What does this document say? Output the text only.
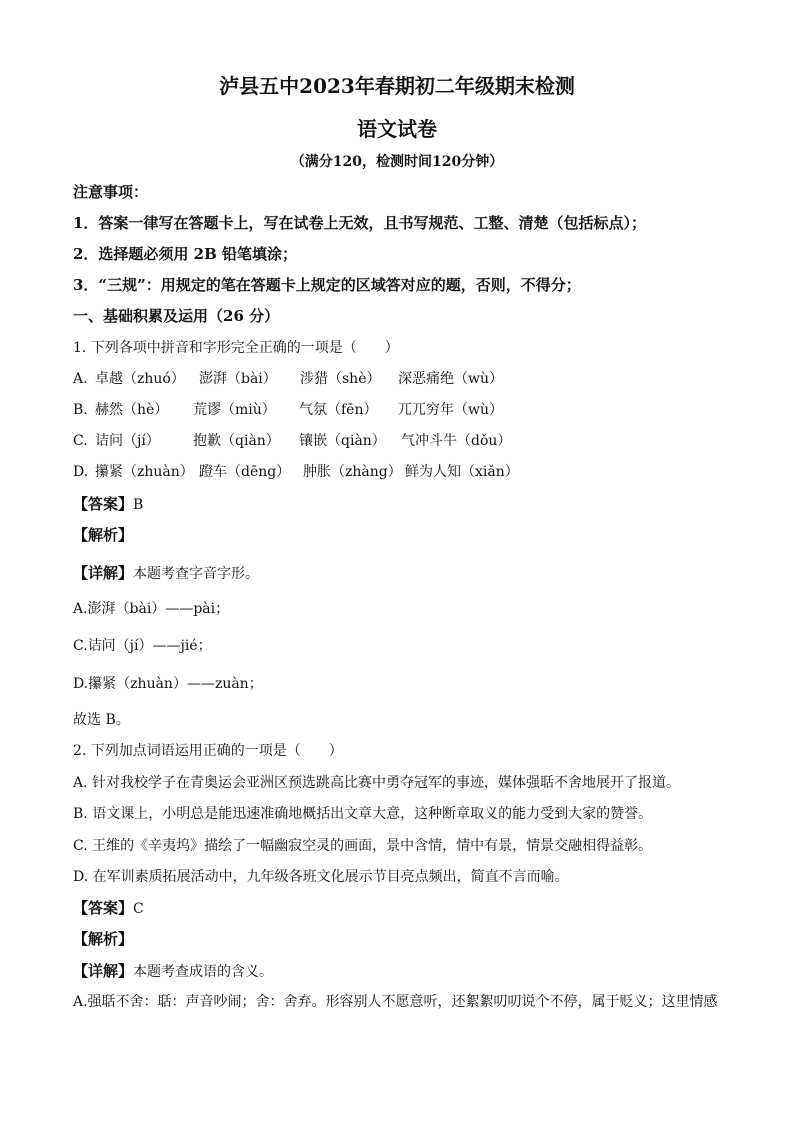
泸县五中2023年春期初二年级期末检测
语文试卷
（满分120，检测时间120分钟）
注意事项：
1．答案一律写在答题卡上，写在试卷上无效，且书写规范、工整、清楚（包括标点）；
2．选择题必须用 2B 铅笔填涂；
3．“三规”：用规定的笔在答题卡上规定的区域答对应的题，否则，不得分；
一、基础积累及运用（26 分）
1. 下列各项中拼音和字形完全正确的一项是（　　）
A. 卓越（zhuó） 澎湃（bài） 涉猎（shè） 深恶痛绝（wù）
B. 赫然（hè） 荒谬（miù） 气氛（fēn） 兀兀穷年（wù）
C. 诘问（jí） 抱歉（qiàn） 镶嵌（qiàn） 气冲斗牛（dǒu）
D. 攥紧（zhuàn） 蹬车（dēng） 肿胀（zhàng） 鲜为人知（xiǎn）
【答案】B
【解析】
【详解】本题考查字音字形。
A.澎湃（bài）——pài；
C.诘问（jí）——jié；
D.攥紧（zhuàn）——zuàn；
故选 B。
2. 下列加点词语运用正确的一项是（　　）
A. 针对我校学子在青奥运会亚洲区预选跳高比赛中勇夺冠军的事迹，媒体强聒不舍地展开了报道。
B. 语文课上，小明总是能迅速准确地概括出文章大意，这种断章取义的能力受到大家的赞誉。
C. 王维的《辛夷坞》描绘了一幅幽寂空灵的画面，景中含情，情中有景，情景交融相得益彰。
D. 在军训素质拓展活动中，九年级各班文化展示节目亮点频出，简直不言而喻。
【答案】C
【解析】
【详解】本题考查成语的含义。
A.强聒不舍：聒：声音吵闹；舍：舍弃。形容别人不愿意听，还絮絮叨叨说个不停，属于贬义；这里情感
